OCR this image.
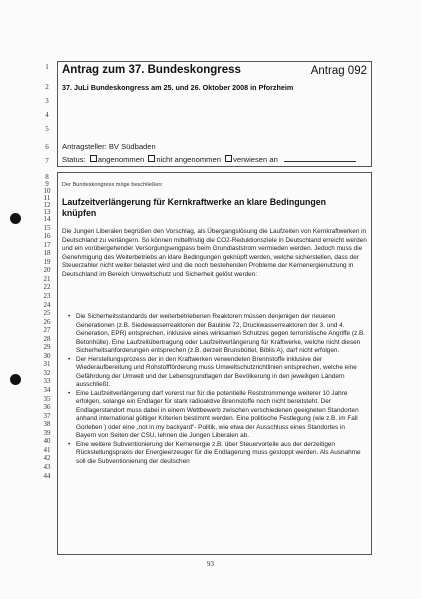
1
2
3
4
5
6
7
8
9
10
11
12
13
14
15
16
17
18
19
20
21
22
23
24
25
26
27
28
29
30
31
32
33
34
35
36
37
38
39
40
41
42
43
44
Antrag zum 37. Bundeskongress	Antrag 092
37. JuLi Bundeskongress am 25. und 26. Oktober 2008 in Pforzheim
Antragsteller: BV Südbaden
Status: angenommen nicht angenommen verwiesen an
Der Bundeskongress möge beschließen:
Laufzeitverlängerung für Kernkraftwerke an klare Bedingungen knüpfen

Die Jungen Liberalen begrüßen den Vorschlag, als Übergangslösung die Laufzeiten von Kernkraftwerken in Deutschland zu verlängern. So können mittelfristig die CO2-Reduktionsziele in Deutschland erreicht werden und ein vorübergehender Versorgungsengpass beim Grundlaststrom vermieden werden. Jedoch muss die Genehmigung des Weiterbetriebs an klare Bedingungen geknüpft werden, welche sicherstellen, dass der Steuerzahler nicht weiter belastet wird und die noch bestehenden Probleme der Kernenergienutzung in Deutschland im Bereich Umweltschutz und Sicherheit gelöst werden:

• Die Sicherheitsstandards der weiterbetriebenen Reaktoren müssen denjenigen der neueren Generationen (z.B. Siedewasserreaktoren der Baulinie 72, Druckwasserreaktoren der 3. und 4. Generation, EPR) entsprechen, inklusive eines wirksamen Schutzes gegen terroristische Angriffe (z.B. Betonhülle). Eine Laufzeitübertragung oder Laufzeitverlängerung für Kraftwerke, welche nicht diesen Sicherheitsanforderungen entsprechen (z.B. derzeit Brunsbüttel, Biblis A), darf nicht erfolgen.
• Der Herstellungsprozess der in den Kraftwerken verwendeten Brennstoffe inklusive der Wiederaufbereitung und Rohstoffförderung muss Umweltschutzrichtlinien entsprechen, welche eine Gefährdung der Umwelt und der Lebensgrundlagen der Bevölkerung in den jeweiligen Ländern ausschließt.
• Eine Laufzeitverlängerung darf vorerst nur für die potentielle Reststrommenge weiterer 10 Jahre erfolgen, solange ein Endlager für stark radioaktive Brennstoffe noch nicht bereitsteht. Der Endlagerstandort muss dabei in einem Wettbewerb zwischen verschiedenen geeigneten Standorten anhand international gültiger Kriterien bestimmt werden. Eine politische Festlegung (wie z.B. im Fall Gorleben ) oder eine „not in my backyard“- Politik, wie etwa der Ausschluss eines Standortes in Bayern von Seiten der CSU, lehnen die Jungen Liberalen ab.
• Eine weitere Subventionierung der Kernenergie z.B. über Steuervorteile aus der derzeitigen Rückstellungspraxis der Energieerzeuger für die Endlagerung muss gestoppt werden. Als Ausnahme soll die Subventionierung der deutschen
93
